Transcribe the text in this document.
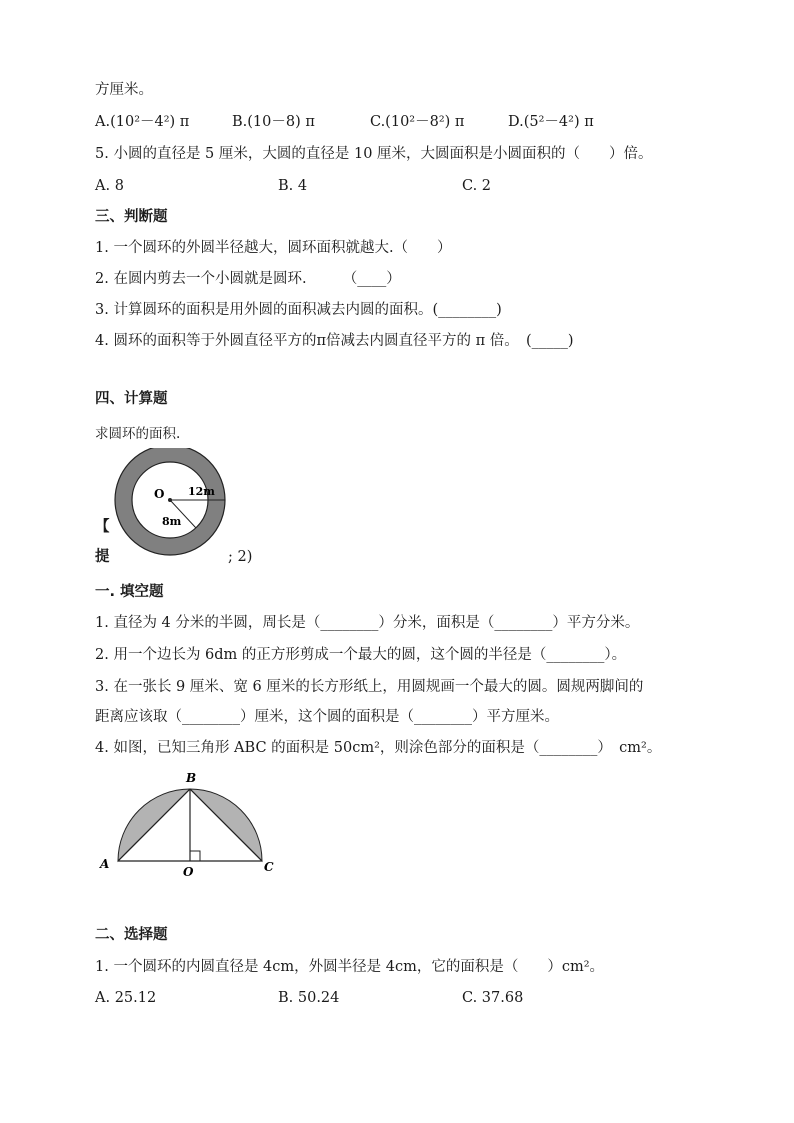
方厘米。
A.(10²－4²) π	B.(10－8) π	C.(10²－8²) π	D.(5²－4²) π
5. 小圆的直径是 5 厘米，大圆的直径是 10 厘米，大圆面积是小圆面积的（　　）倍。
A. 8	B. 4	C. 2
三、判断题
1. 一个圆环的外圆半径越大，圆环面积就越大.（　　）
2. 在圆内剪去一个小圆就是圆环.　　　（____）
3. 计算圆环的面积是用外圆的面积减去内圆的面积。(________)
4. 圆环的面积等于外圆直径平方的π倍减去内圆直径平方的 π 倍。　(_____)
四、计算题
求圆环的面积.
O 12m
8m
【
提	; 2)
一. 填空题
1. 直径为 4 分米的半圆，周长是（________）分米，面积是（________）平方分米。
2. 用一个边长为 6dm 的正方形剪成一个最大的圆，这个圆的半径是（________）。
3. 在一张长 9 厘米、宽 6 厘米的长方形纸上，用圆规画一个最大的圆。圆规两脚间的
距离应该取（________）厘米，这个圆的面积是（________）平方厘米。
4. 如图，已知三角形 ABC 的面积是 50cm²，则涂色部分的面积是（________）　cm²。
B
A	C
O
二、选择题
1. 一个圆环的内圆直径是 4cm，外圆半径是 4cm，它的面积是（　　）cm²。
A. 25.12	B. 50.24	C. 37.68
